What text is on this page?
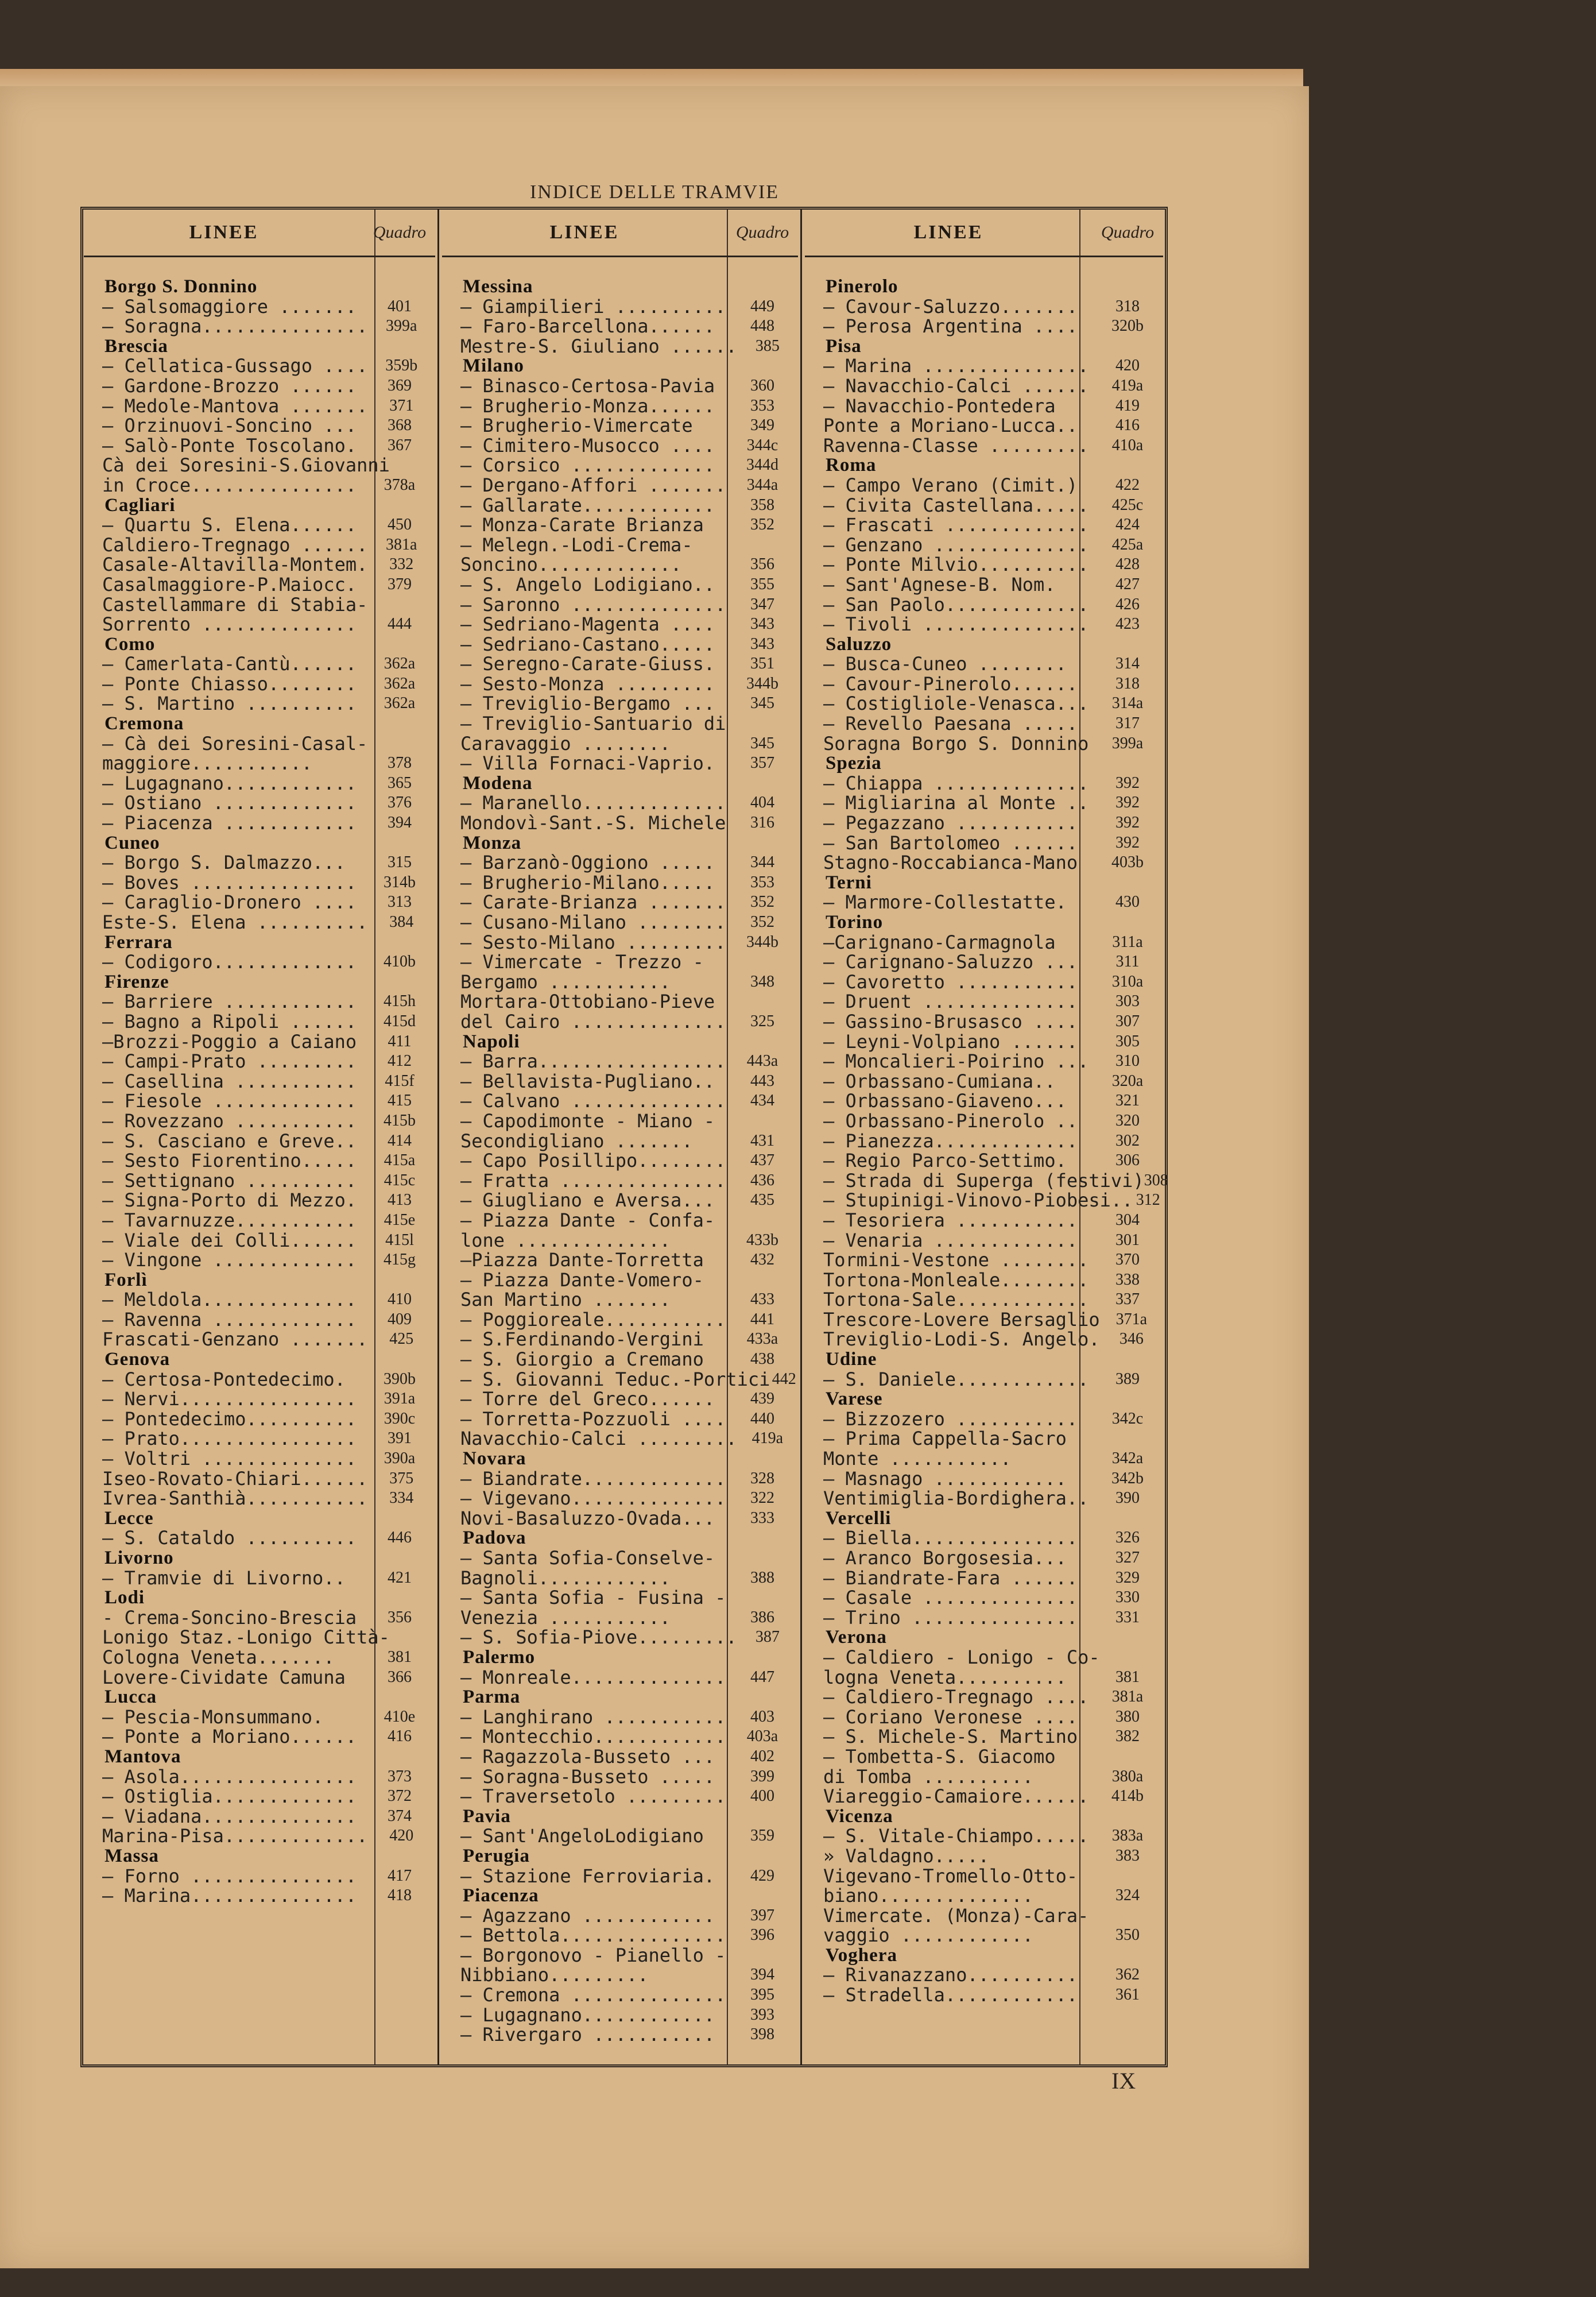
INDICE DELLE TRAMVIE
LINEE	Quadro
Borgo S. Donnino
— Salsomaggiore .......	401
— Soragna...............	399a
Brescia
— Cellatica-Gussago ....	359b
— Gardone-Brozzo ......	369
— Medole-Mantova .......	371
— Orzinuovi-Soncino ...	368
— Salò-Ponte Toscolano.	367
Cà dei Soresini-S.Giovanni
in Croce...............	378a
Cagliari
— Quartu S. Elena......	450
Caldiero-Tregnago ......	381a
Casale-Altavilla-Montem.	332
Casalmaggiore-P.Maiocc.	379
Castellammare di Stabia-
Sorrento ..............	444
Como
— Camerlata-Cantù......	362a
— Ponte Chiasso........	362a
— S. Martino ..........	362a
Cremona
— Cà dei Soresini-Casal-
maggiore...........	378
— Lugagnano............	365
— Ostiano .............	376
— Piacenza ............	394
Cuneo
— Borgo S. Dalmazzo...	315
— Boves ...............	314b
— Caraglio-Dronero ....	313
Este-S. Elena ..........	384
Ferrara
— Codigoro.............	410b
Firenze
— Barriere ............	415h
— Bagno a Ripoli ......	415d
—Brozzi-Poggio a Caiano	411
— Campi-Prato .........	412
— Casellina ...........	415f
— Fiesole .............	415
— Rovezzano ...........	415b
— S. Casciano e Greve..	414
— Sesto Fiorentino.....	415a
— Settignano ..........	415c
— Signa-Porto di Mezzo.	413
— Tavarnuzze...........	415e
— Viale dei Colli......	415l
— Vingone .............	415g
Forlì
— Meldola..............	410
— Ravenna .............	409
Frascati-Genzano .......	425
Genova
— Certosa-Pontedecimo.	390b
— Nervi................	391a
— Pontedecimo..........	390c
— Prato................	391
— Voltri ..............	390a
Iseo-Rovato-Chiari......	375
Ivrea-Santhià...........	334
Lecce
— S. Cataldo ..........	446
Livorno
— Tramvie di Livorno..	421
Lodi
- Crema-Soncino-Brescia	356
Lonigo Staz.-Lonigo Città-
Cologna Veneta.......	381
Lovere-Cividate Camuna	366
Lucca
— Pescia-Monsummano.	410e
— Ponte a Moriano......	416
Mantova
— Asola................	373
— Ostiglia.............	372
— Viadana..............	374
Marina-Pisa.............	420
Massa
— Forno ...............	417
— Marina...............	418
LINEE	Quadro
Messina
— Giampilieri ..........	449
— Faro-Barcellona......	448
Mestre-S. Giuliano ......	385
Milano
— Binasco-Certosa-Pavia	360
— Brugherio-Monza......	353
— Brugherio-Vimercate	349
— Cimitero-Musocco ....	344c
— Corsico .............	344d
— Dergano-Affori .......	344a
— Gallarate............	358
— Monza-Carate Brianza	352
— Melegn.-Lodi-Crema-
Soncino.............	356
— S. Angelo Lodigiano..	355
— Saronno ..............	347
— Sedriano-Magenta ....	343
— Sedriano-Castano.....	343
— Seregno-Carate-Giuss.	351
— Sesto-Monza .........	344b
— Treviglio-Bergamo ...	345
— Treviglio-Santuario di
Caravaggio ........	345
— Villa Fornaci-Vaprio.	357
Modena
— Maranello.............	404
Mondovì-Sant.-S. Michele	316
Monza
— Barzanò-Oggiono .....	344
— Brugherio-Milano.....	353
— Carate-Brianza .......	352
— Cusano-Milano ........	352
— Sesto-Milano .........	344b
— Vimercate - Trezzo -
Bergamo ...........	348
Mortara-Ottobiano-Pieve
del Cairo ..............	325
Napoli
— Barra.................	443a
— Bellavista-Pugliano..	443
— Calvano ..............	434
— Capodimonte - Miano -
Secondigliano .......	431
— Capo Posillipo........	437
— Fratta ...............	436
— Giugliano e Aversa...	435
— Piazza Dante - Confa-
lone ..............	433b
—Piazza Dante-Torretta	432
— Piazza Dante-Vomero-
San Martino .......	433
— Poggioreale...........	441
— S.Ferdinando-Vergini	433a
— S. Giorgio a Cremano	438
— S. Giovanni Teduc.-Portici 442
— Torre del Greco......	439
— Torretta-Pozzuoli ....	440
Navacchio-Calci ......... 419a
Novara
— Biandrate.............	328
— Vigevano..............	322
Novi-Basaluzzo-Ovada...	333
Padova
— Santa Sofia-Conselve-
Bagnoli............	388
— Santa Sofia - Fusina -
Venezia ...........	386
— S. Sofia-Piove.........	387
Palermo
— Monreale..............	447
Parma
— Langhirano ...........	403
— Montecchio............	403a
— Ragazzola-Busseto ...	402
— Soragna-Busseto .....	399
— Traversetolo .........	400
Pavia
— Sant'AngeloLodigiano	359
Perugia
— Stazione Ferroviaria.	429
Piacenza
— Agazzano ............	397
— Bettola...............	396
— Borgonovo - Pianello -
Nibbiano.........	394
— Cremona ..............	395
— Lugagnano............	393
— Rivergaro ...........	398
LINEE	Quadro
Pinerolo
— Cavour-Saluzzo.......	318
— Perosa Argentina ....	320b
Pisa
— Marina ...............	420
— Navacchio-Calci ......	419a
— Navacchio-Pontedera	419
Ponte a Moriano-Lucca..	416
Ravenna-Classe .........	410a
Roma
— Campo Verano (Cimit.)	422
— Civita Castellana.....	425c
— Frascati .............	424
— Genzano ..............	425a
— Ponte Milvio..........	428
— Sant'Agnese-B. Nom.	427
— San Paolo.............	426
— Tivoli ...............	423
Saluzzo
— Busca-Cuneo ........	314
— Cavour-Pinerolo......	318
— Costigliole-Venasca...	314a
— Revello Paesana .....	317
Soragna Borgo S. Donnino	399a
Spezia
— Chiappa ..............	392
— Migliarina al Monte ..	392
— Pegazzano ...........	392
— San Bartolomeo ......	392
Stagno-Roccabianca-Mano	403b
Terni
— Marmore-Collestatte.	430
Torino
—Carignano-Carmagnola	311a
— Carignano-Saluzzo ...	311
— Cavoretto ...........	310a
— Druent ..............	303
— Gassino-Brusasco ....	307
— Leyni-Volpiano ......	305
— Moncalieri-Poirino ...	310
— Orbassano-Cumiana..	320a
— Orbassano-Giaveno...	321
— Orbassano-Pinerolo ..	320
— Pianezza.............	302
— Regio Parco-Settimo.	306
— Strada di Superga (festivi) 308
— Stupinigi-Vinovo-Piobesi.. 312
— Tesoriera ...........	304
— Venaria .............	301
Tormini-Vestone ........	370
Tortona-Monleale........	338
Tortona-Sale............	337
Trescore-Lovere Bersaglio 371a
Treviglio-Lodi-S. Angelo.	346
Udine
— S. Daniele............	389
Varese
— Bizzozero ...........	342c
— Prima Cappella-Sacro
Monte ...........	342a
— Masnago ............	342b
Ventimiglia-Bordighera..	390
Vercelli
— Biella...............	326
— Aranco Borgosesia...	327
— Biandrate-Fara ......	329
— Casale ..............	330
— Trino ...............	331
Verona
— Caldiero - Lonigo - Co-
logna Veneta..........	381
— Caldiero-Tregnago ....	381a
— Coriano Veronese ....	380
— S. Michele-S. Martino	382
— Tombetta-S. Giacomo
di Tomba ..........	380a
Viareggio-Camaiore......	414b
Vicenza
— S. Vitale-Chiampo.....	383a
» Valdagno.....	383
Vigevano-Tromello-Otto-
biano..............	324
Vimercate. (Monza)-Cara-
vaggio ............	350
Voghera
— Rivanazzano..........	362
— Stradella............	361
IX
